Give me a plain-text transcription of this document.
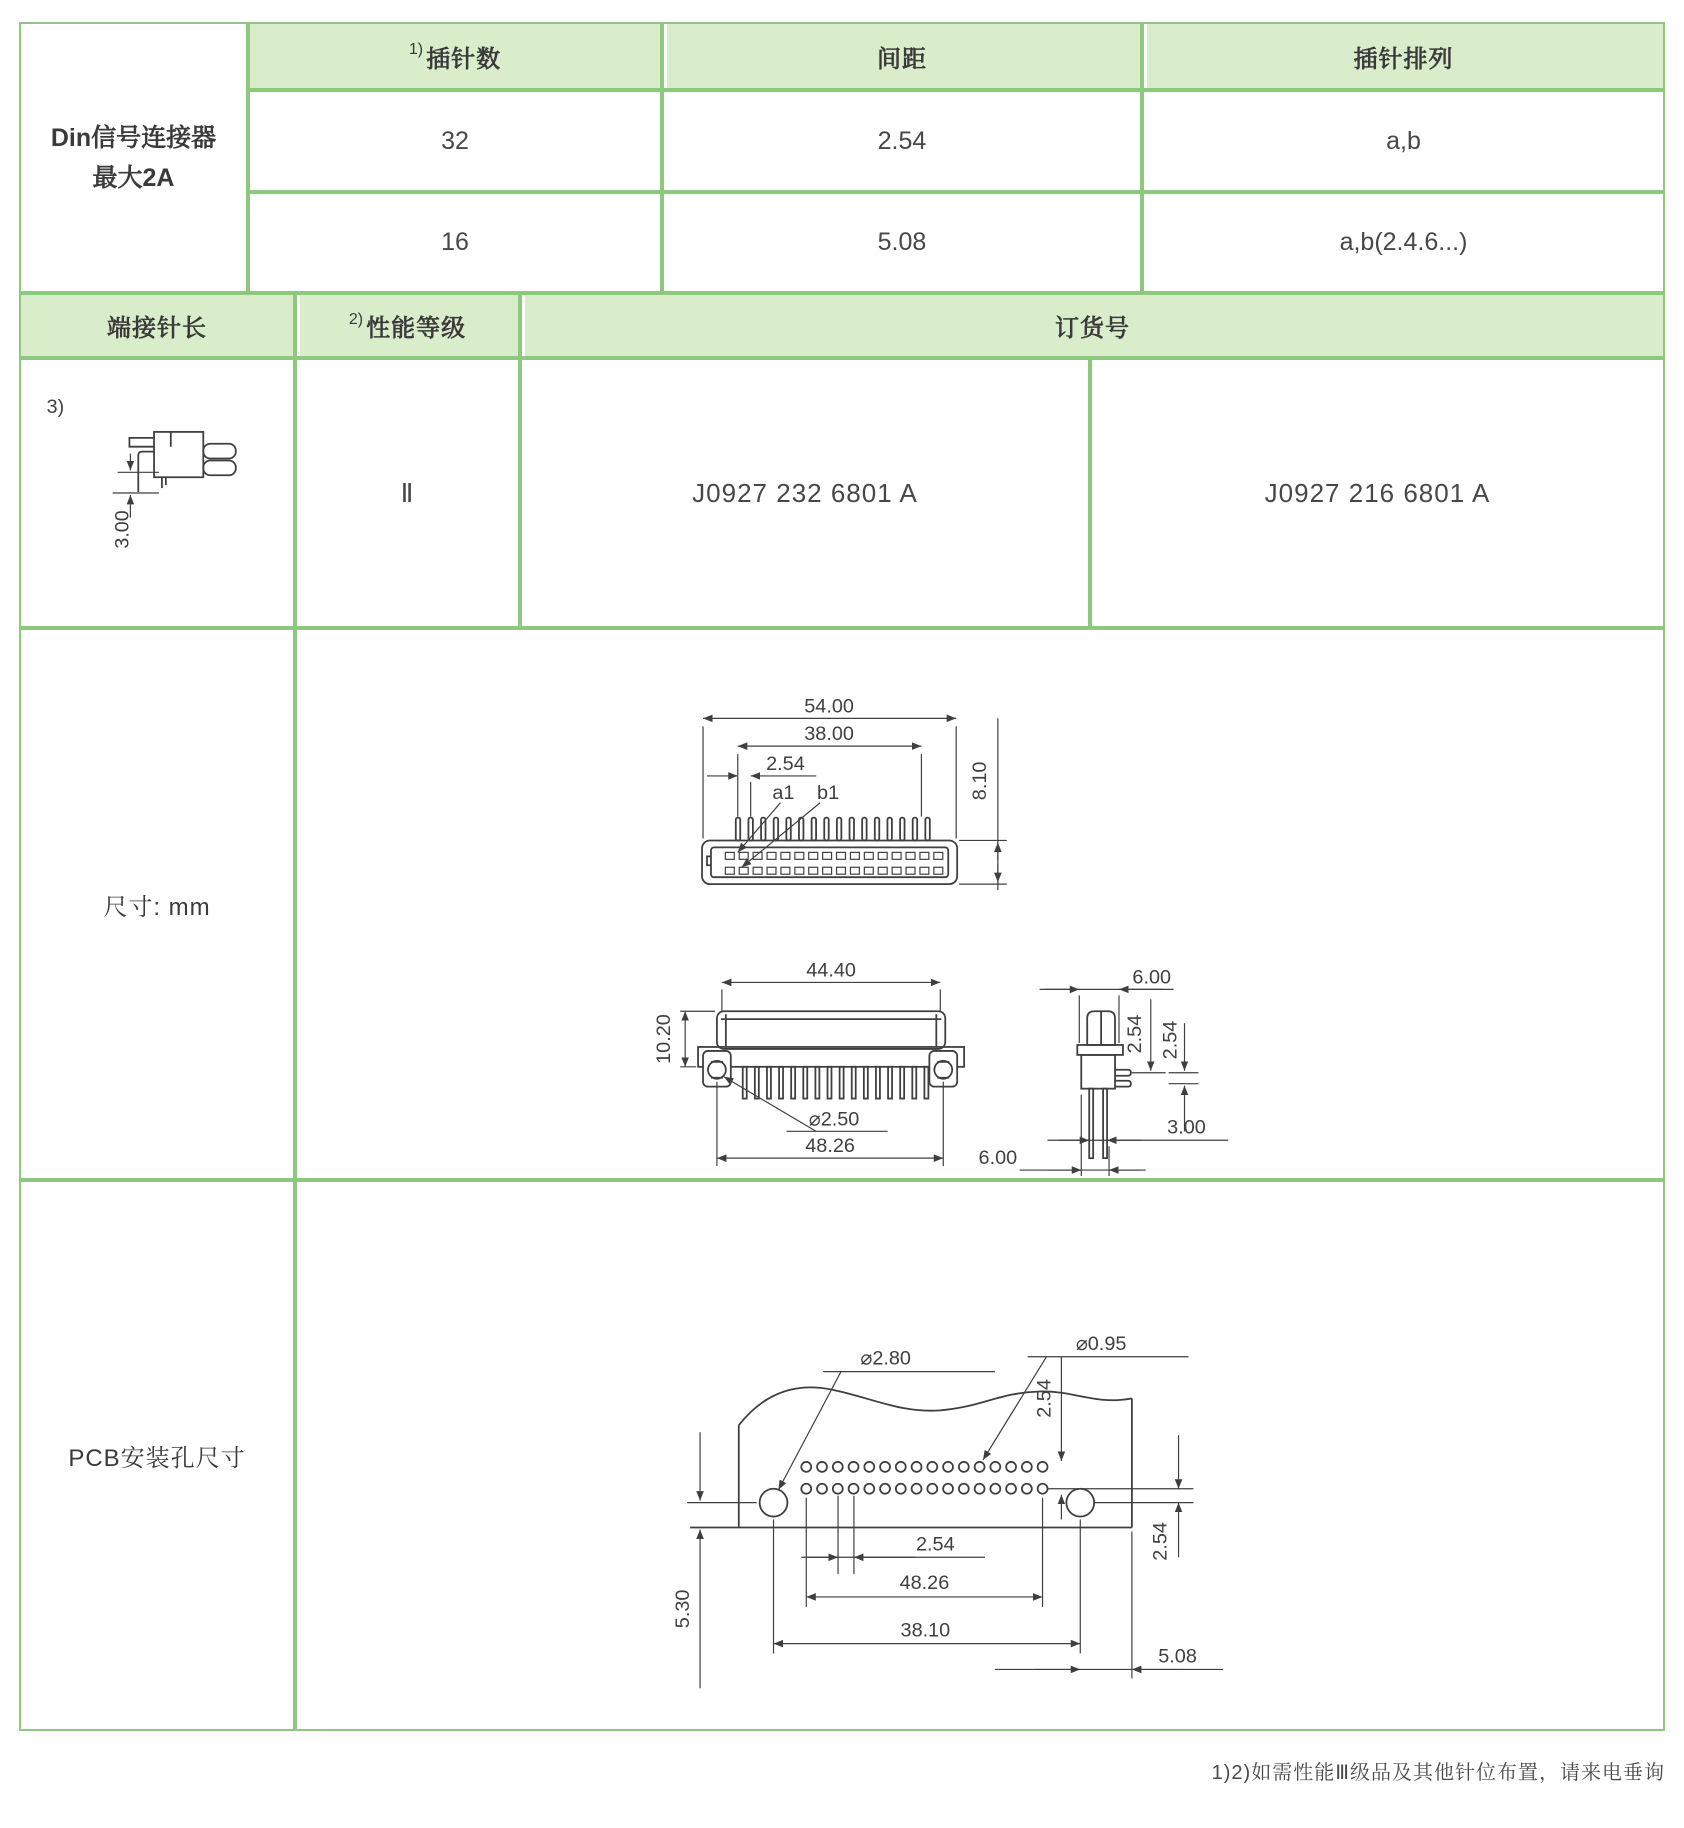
Din信号连接器
最大2A
1) 插针数	间距	插针排列
32	2.54	a,b
16	5.08	a,b(2.4.6...)
端接针长	2) 性能等级	订货号
3)
3.00
Ⅱ	J0927 232 6801 A	J0927 216 6801 A
尺寸: mm
54.00
38.00
2.54
a1 b1	8.10
44.40
10.20
⌀2.50
48.26
6.00
2.54 2.54
3.00
6.00
PCB安装孔尺寸
⌀2.80
⌀0.95
2.54
2.54
2.54
48.26
5.30
38.10
5.08
1)2)如需性能Ⅲ级品及其他针位布置，请来电垂询
